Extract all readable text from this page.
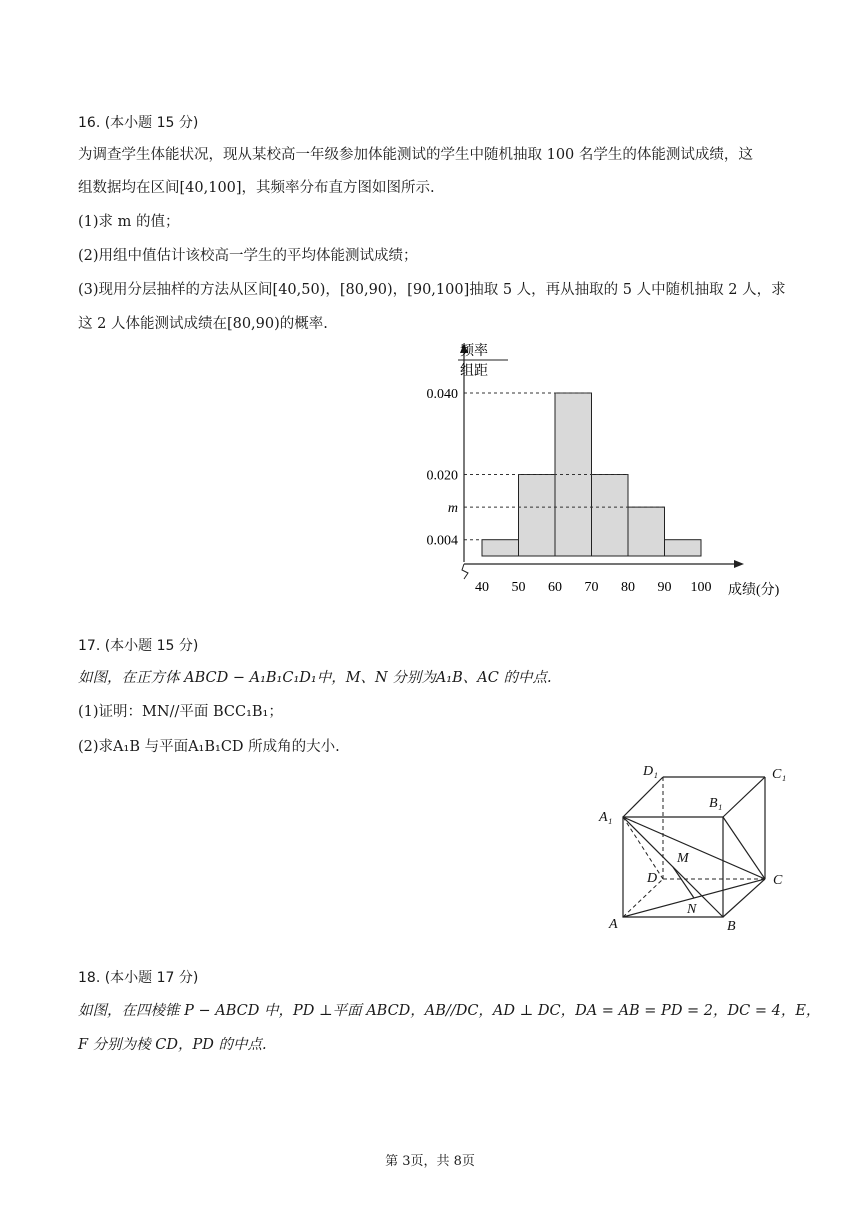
16. (本小题 15 分)
为调查学生体能状况，现从某校高一年级参加体能测试的学生中随机抽取 100 名学生的体能测试成绩，这
组数据均在区间[40,100]，其频率分布直方图如图所示.
(1)求 m 的值；
(2)用组中值估计该校高一学生的平均体能测试成绩；
(3)现用分层抽样的方法从区间[40,50)，[80,90)，[90,100]抽取 5 人，再从抽取的 5 人中随机抽取 2 人，求
这 2 人体能测试成绩在[80,90)的概率.
频率
组距
0.040
0.020
m
0.004
40 50 60 70 80 90 100 成绩(分)
17. (本小题 15 分)
如图，在正方体 ABCD − A₁B₁C₁D₁中，M、N 分别为A₁B、AC 的中点.
(1)证明：MN//平面 BCC₁B₁；
(2)求A₁B 与平面A₁B₁CD 所成角的大小.
D₁	C₁
B₁
A₁
M
D	C
N
A	B
18. (本小题 17 分)
如图，在四棱锥 P − ABCD 中，PD ⊥平面 ABCD，AB//DC，AD ⊥ DC，DA = AB = PD = 2，DC = 4，E，
F 分别为棱 CD，PD 的中点.
第 3页，共 8页
